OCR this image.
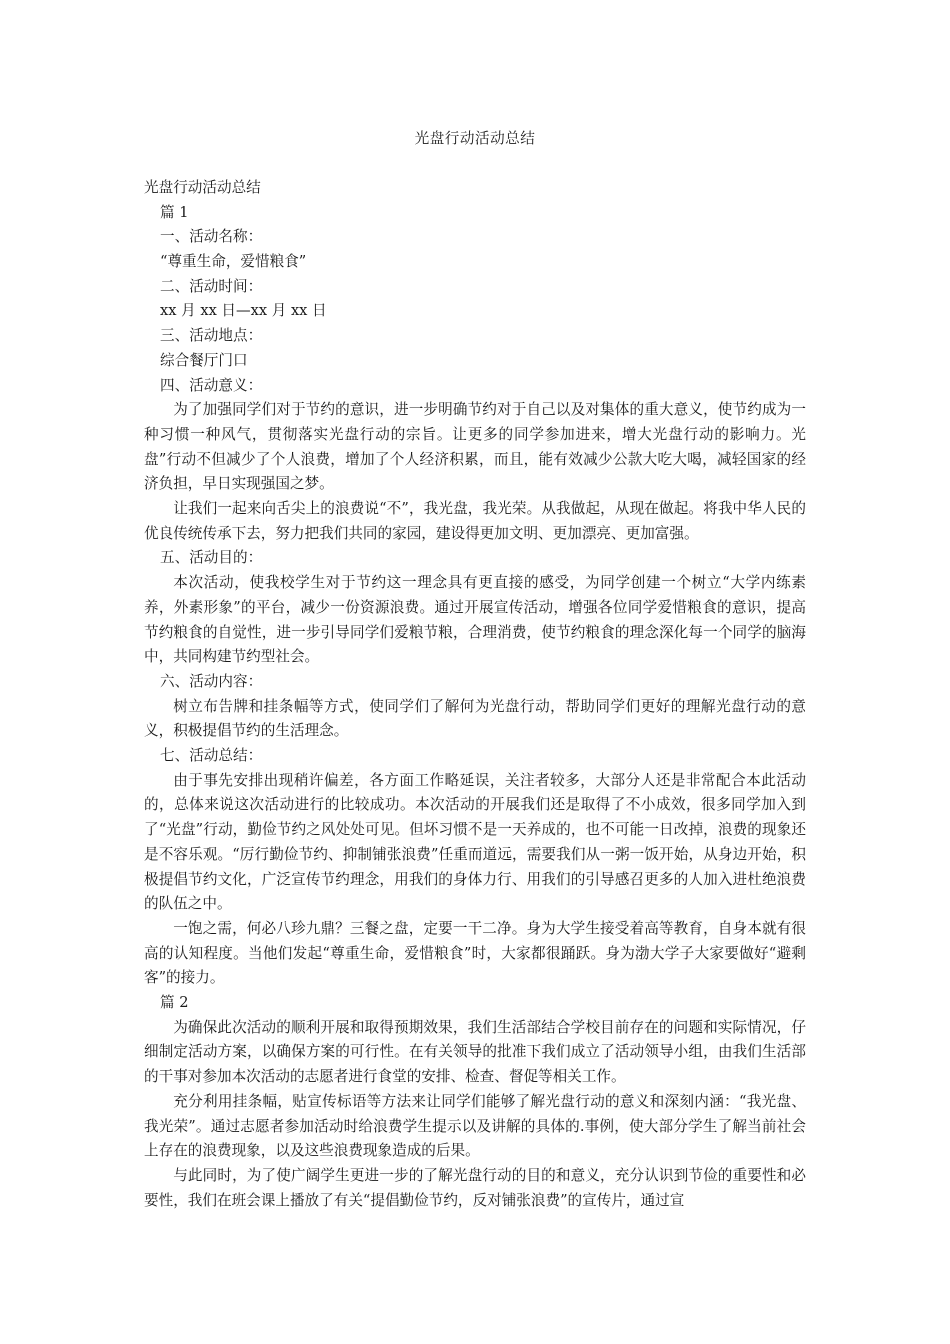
光盘行动活动总结
光盘行动活动总结
篇 1
一、活动名称：
“尊重生命，爱惜粮食”
二、活动时间：
xx 月 xx 日—xx 月 xx 日
三、活动地点：
综合餐厅门口
四、活动意义：
为了加强同学们对于节约的意识，进一步明确节约对于自己以及对集体的重大意义，使节约成为一种习惯一种风气，贯彻落实光盘行动的宗旨。让更多的同学参加进来，增大光盘行动的影响力。光盘”行动不但减少了个人浪费，增加了个人经济积累，而且，能有效减少公款大吃大喝，减轻国家的经济负担，早日实现强国之梦。
让我们一起来向舌尖上的浪费说“不”，我光盘，我光荣。从我做起，从现在做起。将我中华人民的优良传统传承下去，努力把我们共同的家园，建设得更加文明、更加漂亮、更加富强。
五、活动目的：
本次活动，使我校学生对于节约这一理念具有更直接的感受，为同学创建一个树立“大学内练素养，外素形象”的平台，减少一份资源浪费。通过开展宣传活动，增强各位同学爱惜粮食的意识，提高节约粮食的自觉性，进一步引导同学们爱粮节粮，合理消费，使节约粮食的理念深化每一个同学的脑海中，共同构建节约型社会。
六、活动内容：
树立布告牌和挂条幅等方式，使同学们了解何为光盘行动，帮助同学们更好的理解光盘行动的意义，积极提倡节约的生活理念。
七、活动总结：
由于事先安排出现稍许偏差，各方面工作略延误，关注者较多，大部分人还是非常配合本此活动的，总体来说这次活动进行的比较成功。本次活动的开展我们还是取得了不小成效，很多同学加入到了“光盘”行动，勤俭节约之风处处可见。但坏习惯不是一天养成的，也不可能一日改掉，浪费的现象还是不容乐观。“厉行勤俭节约、抑制铺张浪费”任重而道远，需要我们从一粥一饭开始，从身边开始，积极提倡节约文化，广泛宣传节约理念，用我们的身体力行、用我们的引导感召更多的人加入进杜绝浪费的队伍之中。
一饱之需，何必八珍九鼎？三餐之盘，定要一干二净。身为大学生接受着高等教育，自身本就有很高的认知程度。当他们发起“尊重生命，爱惜粮食”时，大家都很踊跃。身为渤大学子大家要做好“避剩客”的接力。
篇 2
为确保此次活动的顺利开展和取得预期效果，我们生活部结合学校目前存在的问题和实际情况，仔细制定活动方案，以确保方案的可行性。在有关领导的批准下我们成立了活动领导小组，由我们生活部的干事对参加本次活动的志愿者进行食堂的安排、检查、督促等相关工作。
充分利用挂条幅，贴宣传标语等方法来让同学们能够了解光盘行动的意义和深刻内涵：“我光盘、我光荣”。通过志愿者参加活动时给浪费学生提示以及讲解的具体的.事例，使大部分学生了解当前社会上存在的浪费现象，以及这些浪费现象造成的后果。
与此同时，为了使广阔学生更进一步的了解光盘行动的目的和意义，充分认识到节俭的重要性和必要性，我们在班会课上播放了有关“提倡勤俭节约，反对铺张浪费”的宣传片，通过宣
